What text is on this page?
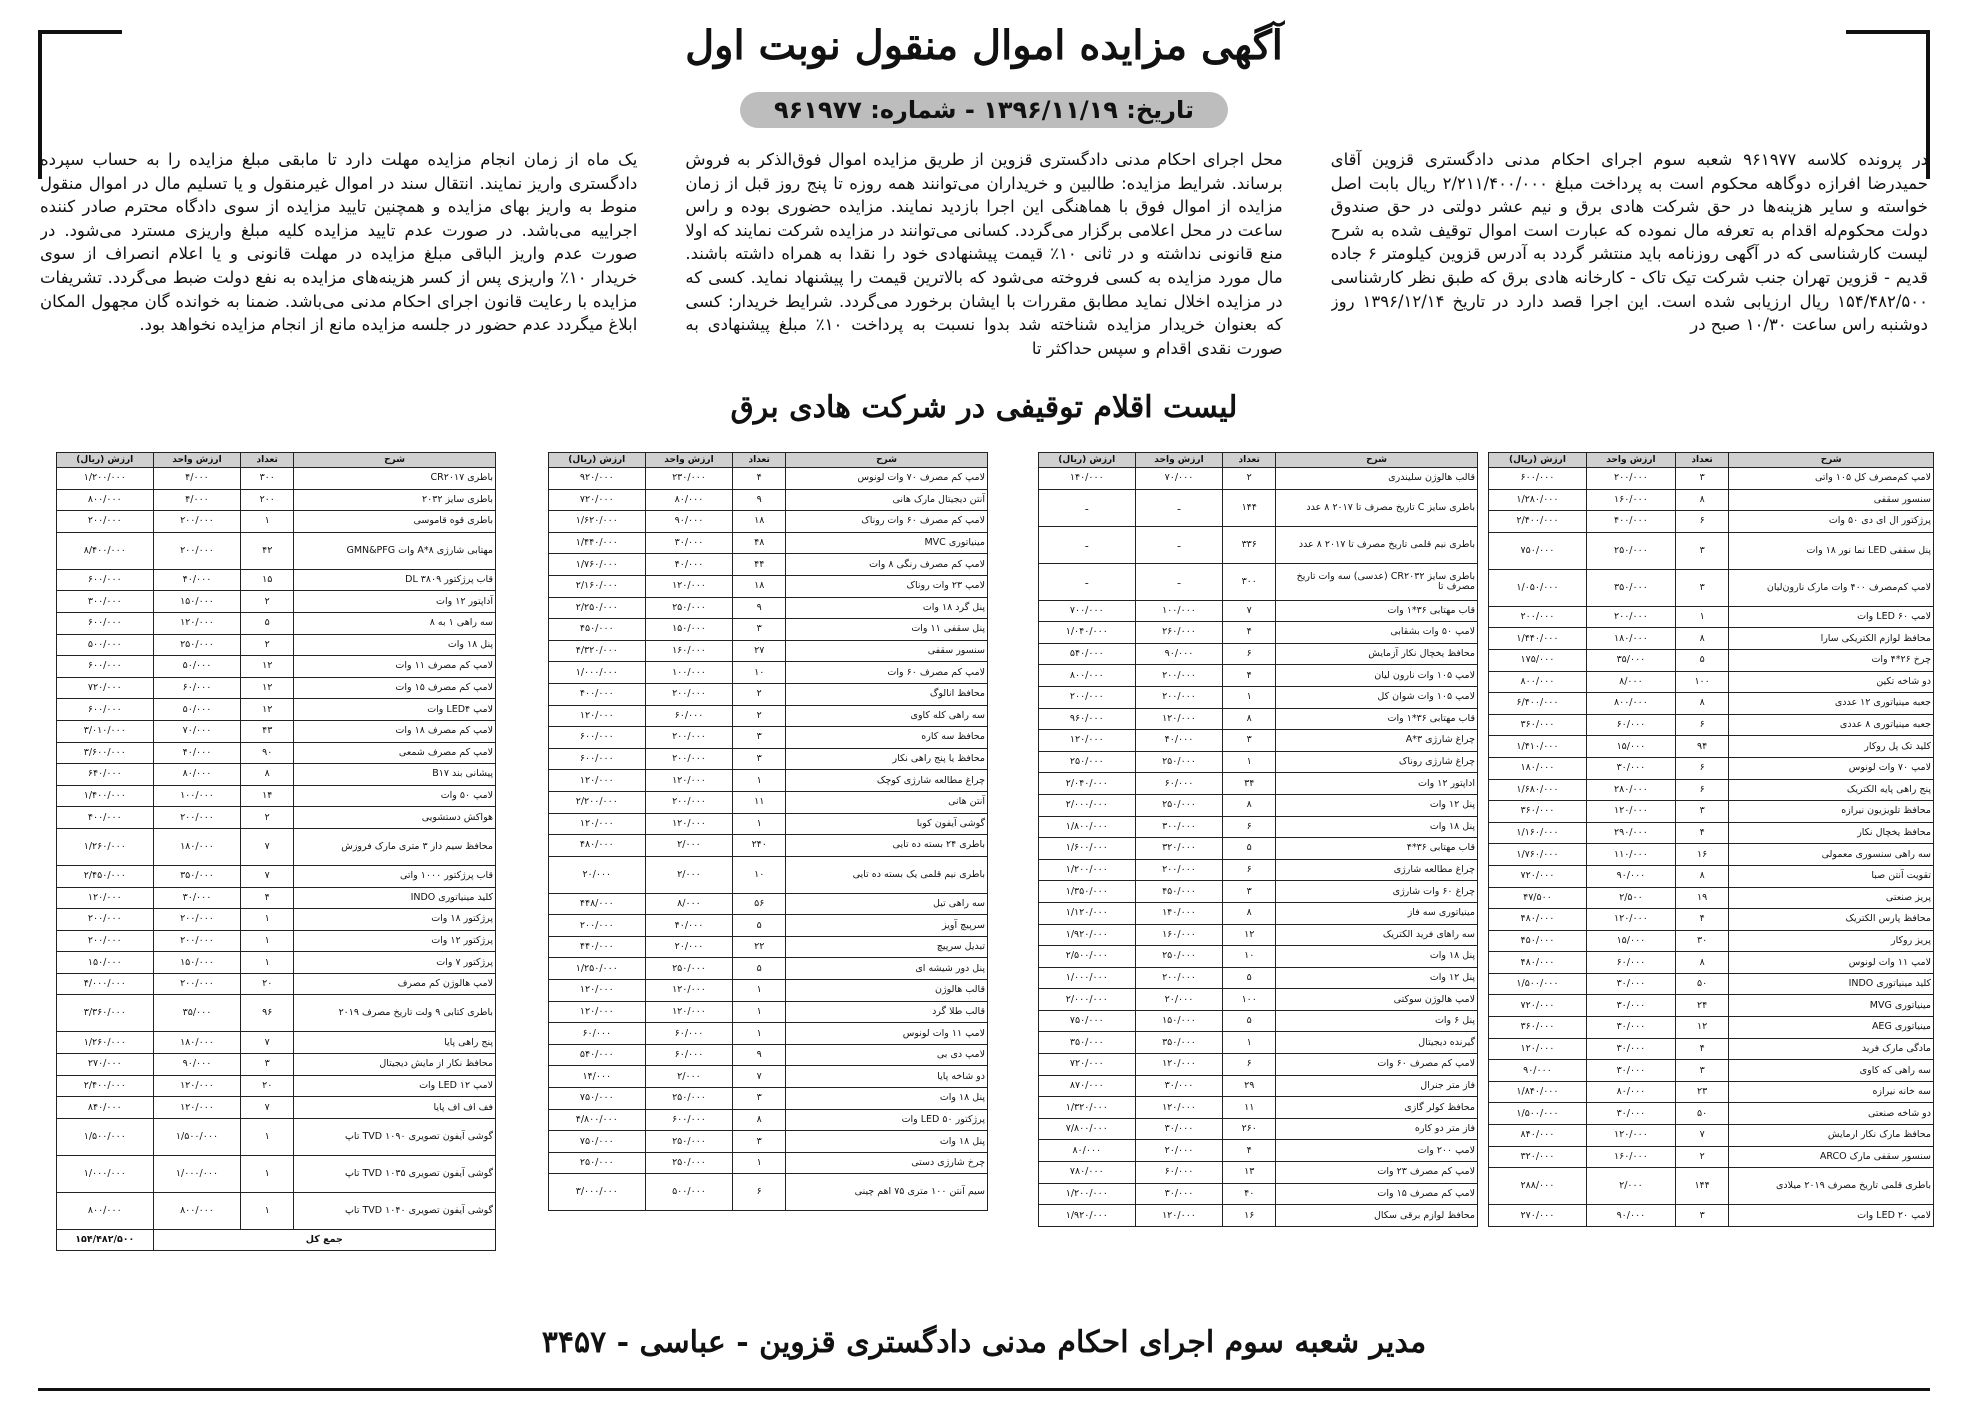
آگهی مزایده اموال منقول نوبت اول
تاریخ: ۱۳۹۶/۱۱/۱۹ - شماره: ۹۶۱۹۷۷
در پرونده کلاسه ۹۶۱۹۷۷ شعبه سوم اجرای احکام مدنی دادگستری قزوین آقای حمیدرضا افرازه دوگاهه محکوم است به پرداخت مبلغ ۲/۲۱۱/۴۰۰/۰۰۰ ریال بابت اصل خواسته و سایر هزینه‌ها در حق شرکت هادی برق و نیم عشر دولتی در حق صندوق دولت محکوم‌له اقدام به تعرفه مال نموده که عبارت است اموال توقیف شده به شرح لیست کارشناسی که در آگهی روزنامه باید منتشر گردد به آدرس قزوین کیلومتر ۶ جاده قدیم - قزوین تهران جنب شرکت تیک تاک - کارخانه هادی برق که طبق نظر کارشناسی ۱۵۴/۴۸۲/۵۰۰ ریال ارزیابی شده است. این اجرا قصد دارد در تاریخ ۱۳۹۶/۱۲/۱۴ روز دوشنبه راس ساعت ۱۰/۳۰ صبح در
محل اجرای احکام مدنی دادگستری قزوین از طریق مزایده اموال فوق‌الذکر به فروش برساند. شرایط مزایده: طالبین و خریداران می‌توانند همه روزه تا پنج روز قبل از زمان مزایده از اموال فوق با هماهنگی این اجرا بازدید نمایند. مزایده حضوری بوده و راس ساعت در محل اعلامی برگزار می‌گردد. کسانی می‌توانند در مزایده شرکت نمایند که اولا منع قانونی نداشته و در ثانی ۱۰٪ قیمت پیشنهادی خود را نقدا به همراه داشته باشند. مال مورد مزایده به کسی فروخته می‌شود که بالاترین قیمت را پیشنهاد نماید. کسی که در مزایده اخلال نماید مطابق مقررات با ایشان برخورد می‌گردد. شرایط خریدار: کسی که بعنوان خریدار مزایده شناخته شد بدوا نسبت به پرداخت ۱۰٪ مبلغ پیشنهادی به صورت نقدی اقدام و سپس حداکثر تا
یک ماه از زمان انجام مزایده مهلت دارد تا مابقی مبلغ مزایده را به حساب سپرده دادگستری واریز نمایند. انتقال سند در اموال غیرمنقول و یا تسلیم مال در اموال منقول منوط به واریز بهای مزایده و همچنین تایید مزایده از سوی دادگاه محترم صادر کننده اجراییه می‌باشد. در صورت عدم تایید مزایده کلیه مبلغ واریزی مسترد می‌شود. در صورت عدم واریز الباقی مبلغ مزایده در مهلت قانونی و یا اعلام انصراف از سوی خریدار ۱۰٪ واریزی پس از کسر هزینه‌های مزایده به نفع دولت ضبط می‌گردد. تشریفات مزایده با رعایت قانون اجرای احکام مدنی می‌باشد. ضمنا به خوانده گان مجهول المکان ابلاغ میگردد عدم حضور در جلسه مزایده مانع از انجام مزایده نخواهد بود.
لیست اقلام توقیفی در شرکت هادی برق
شرح	تعداد	ارزش واحد	ارزش (ریال)
لامپ کم‌مصرف کل ۱۰۵ واتی	۳	۲۰۰/۰۰۰	۶۰۰/۰۰۰
سنسور سقفی	۸	۱۶۰/۰۰۰	۱/۲۸۰/۰۰۰
پرژکتور ال ای دی ۵۰ وات	۶	۴۰۰/۰۰۰	۲/۴۰۰/۰۰۰
پنل سقفی LED نما نور ۱۸ وات	۳	۲۵۰/۰۰۰	۷۵۰/۰۰۰
لامپ کم‌مصرف ۴۰۰ وات مارک نارون‌لیان	۳	۳۵۰/۰۰۰	۱/۰۵۰/۰۰۰
لامپ LED ۶۰ وات	۱	۲۰۰/۰۰۰	۲۰۰/۰۰۰
محافظ لوازم الکتریکی سارا	۸	۱۸۰/۰۰۰	۱/۴۴۰/۰۰۰
چرخ ۲۶*۴ وات	۵	۳۵/۰۰۰	۱۷۵/۰۰۰
دو شاخه تکین	۱۰۰	۸/۰۰۰	۸۰۰/۰۰۰
جعبه مینیاتوری ۱۲ عددی	۸	۸۰۰/۰۰۰	۶/۴۰۰/۰۰۰
جعبه مینیاتوری ۸ عددی	۶	۶۰/۰۰۰	۳۶۰/۰۰۰
کلید تک پل روکار	۹۴	۱۵/۰۰۰	۱/۴۱۰/۰۰۰
لامپ ۷۰ وات لونوس	۶	۳۰/۰۰۰	۱۸۰/۰۰۰
پنج راهی پایه الکتریک	۶	۲۸۰/۰۰۰	۱/۶۸۰/۰۰۰
محافظ تلویزیون نیرازه	۳	۱۲۰/۰۰۰	۳۶۰/۰۰۰
محافظ یخچال نکار	۴	۲۹۰/۰۰۰	۱/۱۶۰/۰۰۰
سه راهی سنسوری معمولی	۱۶	۱۱۰/۰۰۰	۱/۷۶۰/۰۰۰
تقویت آنتن صبا	۸	۹۰/۰۰۰	۷۲۰/۰۰۰
پریز صنعتی	۱۹	۲/۵۰۰	۴۷/۵۰۰
محافظ پارس الکتریک	۴	۱۲۰/۰۰۰	۴۸۰/۰۰۰
پریز روکار	۳۰	۱۵/۰۰۰	۴۵۰/۰۰۰
لامپ ۱۱ وات لونوس	۸	۶۰/۰۰۰	۴۸۰/۰۰۰
کلید مینیاتوری INDO	۵۰	۳۰/۰۰۰	۱/۵۰۰/۰۰۰
مینیاتوری MVG	۲۴	۳۰/۰۰۰	۷۲۰/۰۰۰
مینیاتوری AEG	۱۲	۳۰/۰۰۰	۳۶۰/۰۰۰
مادگی مارک فرید	۴	۳۰/۰۰۰	۱۲۰/۰۰۰
سه راهی که کاوی	۳	۳۰/۰۰۰	۹۰/۰۰۰
سه خانه نیرازه	۲۳	۸۰/۰۰۰	۱/۸۴۰/۰۰۰
دو شاخه صنعتی	۵۰	۳۰/۰۰۰	۱/۵۰۰/۰۰۰
محافظ مارک نکار ارمایش	۷	۱۲۰/۰۰۰	۸۴۰/۰۰۰
سنسور سقفی مارک ARCO	۲	۱۶۰/۰۰۰	۳۲۰/۰۰۰
باطری قلمی تاریخ مصرف ۲۰۱۹ میلادی	۱۴۴	۲/۰۰۰	۲۸۸/۰۰۰
لامپ LED ۲۰ وات	۳	۹۰/۰۰۰	۲۷۰/۰۰۰
شرح	تعداد	ارزش واحد	ارزش (ریال)
قالب هالوژن سلیندری	۲	۷۰/۰۰۰	۱۴۰/۰۰۰
باطری سایز C تاریخ مصرف تا ۲۰۱۷ ۸ عدد	۱۴۴	ـ	ـ
باطری نیم قلمی تاریخ مصرف تا ۲۰۱۷ ۸ عدد	۳۳۶	ـ	ـ
باطری سایز CR۲۰۳۲ (عدسی) سه وات تاریخ مصرف تا	۳۰۰	ـ	ـ
قاب مهتابی ۳۶*۱ وات	۷	۱۰۰/۰۰۰	۷۰۰/۰۰۰
لامپ ۵۰ وات بشقابی	۴	۲۶۰/۰۰۰	۱/۰۴۰/۰۰۰
محافظ یخچال نکار آزمایش	۶	۹۰/۰۰۰	۵۴۰/۰۰۰
لامپ ۱۰۵ وات نارون لیان	۴	۲۰۰/۰۰۰	۸۰۰/۰۰۰
لامپ ۱۰۵ وات شوان کل	۱	۲۰۰/۰۰۰	۲۰۰/۰۰۰
قاب مهتابی ۳۶*۱ وات	۸	۱۲۰/۰۰۰	۹۶۰/۰۰۰
چراغ شارژی ۳*A	۳	۴۰/۰۰۰	۱۲۰/۰۰۰
چراغ شارژی روناک	۱	۲۵۰/۰۰۰	۲۵۰/۰۰۰
اداپتور ۱۲ وات	۳۴	۶۰/۰۰۰	۲/۰۴۰/۰۰۰
پنل ۱۲ وات	۸	۲۵۰/۰۰۰	۲/۰۰۰/۰۰۰
پنل ۱۸ وات	۶	۳۰۰/۰۰۰	۱/۸۰۰/۰۰۰
قاب مهتابی ۳۶*۴	۵	۳۲۰/۰۰۰	۱/۶۰۰/۰۰۰
چراغ مطالعه شارژی	۶	۲۰۰/۰۰۰	۱/۲۰۰/۰۰۰
چراغ ۶۰ وات شارژی	۳	۴۵۰/۰۰۰	۱/۳۵۰/۰۰۰
مینیاتوری سه فاز	۸	۱۴۰/۰۰۰	۱/۱۲۰/۰۰۰
سه راهای فرید الکتریک	۱۲	۱۶۰/۰۰۰	۱/۹۲۰/۰۰۰
پنل ۱۸ وات	۱۰	۲۵۰/۰۰۰	۲/۵۰۰/۰۰۰
پنل ۱۲ وات	۵	۲۰۰/۰۰۰	۱/۰۰۰/۰۰۰
لامپ هالوژن سوکتی	۱۰۰	۲۰/۰۰۰	۲/۰۰۰/۰۰۰
پنل ۶ وات	۵	۱۵۰/۰۰۰	۷۵۰/۰۰۰
گیرنده دیجیتال	۱	۳۵۰/۰۰۰	۳۵۰/۰۰۰
لامپ کم مصرف ۶۰ وات	۶	۱۲۰/۰۰۰	۷۲۰/۰۰۰
فاز متر جنرال	۲۹	۳۰/۰۰۰	۸۷۰/۰۰۰
محافظ کولر گازی	۱۱	۱۲۰/۰۰۰	۱/۳۲۰/۰۰۰
فاز متر دو کاره	۲۶۰	۳۰/۰۰۰	۷/۸۰۰/۰۰۰
لامپ ۲۰۰ وات	۴	۲۰/۰۰۰	۸۰/۰۰۰
لامپ کم مصرف ۲۳ وات	۱۳	۶۰/۰۰۰	۷۸۰/۰۰۰
لامپ کم مصرف ۱۵ وات	۴۰	۳۰/۰۰۰	۱/۲۰۰/۰۰۰
محافظ لوازم برقی سکال	۱۶	۱۲۰/۰۰۰	۱/۹۲۰/۰۰۰
شرح	تعداد	ارزش واحد	ارزش (ریال)
لامپ کم مصرف ۷۰ وات لونوس	۴	۲۳۰/۰۰۰	۹۲۰/۰۰۰
آنتن دیجیتال مارک هانی	۹	۸۰/۰۰۰	۷۲۰/۰۰۰
لامپ کم مصرف ۶۰ وات روناک	۱۸	۹۰/۰۰۰	۱/۶۲۰/۰۰۰
مینیاتوری MVC	۴۸	۳۰/۰۰۰	۱/۴۴۰/۰۰۰
لامپ کم مصرف رنگی ۸ وات	۴۴	۴۰/۰۰۰	۱/۷۶۰/۰۰۰
لامپ ۲۳ وات روناک	۱۸	۱۲۰/۰۰۰	۲/۱۶۰/۰۰۰
پنل گرد ۱۸ وات	۹	۲۵۰/۰۰۰	۲/۲۵۰/۰۰۰
پنل سقفی ۱۱ وات	۳	۱۵۰/۰۰۰	۴۵۰/۰۰۰
سنسور سقفی	۲۷	۱۶۰/۰۰۰	۴/۳۲۰/۰۰۰
لامپ کم مصرف ۶۰ وات	۱۰	۱۰۰/۰۰۰	۱/۰۰۰/۰۰۰
محافظ انالوگ	۲	۲۰۰/۰۰۰	۴۰۰/۰۰۰
سه راهی کله کاوی	۲	۶۰/۰۰۰	۱۲۰/۰۰۰
محافظ سه کاره	۳	۲۰۰/۰۰۰	۶۰۰/۰۰۰
محافظ یا پنج راهی نکار	۳	۲۰۰/۰۰۰	۶۰۰/۰۰۰
چراغ مطالعه شارژی کوچک	۱	۱۲۰/۰۰۰	۱۲۰/۰۰۰
آنتن هانی	۱۱	۲۰۰/۰۰۰	۲/۲۰۰/۰۰۰
گوشی آیفون کوبا	۱	۱۲۰/۰۰۰	۱۲۰/۰۰۰
باطری ۲۴ بسته ده تایی	۲۴۰	۲/۰۰۰	۴۸۰/۰۰۰
باطری نیم قلمی یک بسته ده تایی	۱۰	۲/۰۰۰	۲۰/۰۰۰
سه راهی تیل	۵۶	۸/۰۰۰	۴۴۸/۰۰۰
سرپیچ آویز	۵	۴۰/۰۰۰	۲۰۰/۰۰۰
تبدیل سرپیچ	۲۲	۲۰/۰۰۰	۴۴۰/۰۰۰
پنل دور شیشه ای	۵	۲۵۰/۰۰۰	۱/۲۵۰/۰۰۰
قالب هالوژن	۱	۱۲۰/۰۰۰	۱۲۰/۰۰۰
قالب طلا گرد	۱	۱۲۰/۰۰۰	۱۲۰/۰۰۰
لامپ ۱۱ وات لونوس	۱	۶۰/۰۰۰	۶۰/۰۰۰
لامپ دی بی	۹	۶۰/۰۰۰	۵۴۰/۰۰۰
دو شاخه پایا	۷	۲/۰۰۰	۱۴/۰۰۰
پنل ۱۸ وات	۳	۲۵۰/۰۰۰	۷۵۰/۰۰۰
پرژکتور LED ۵۰ وات	۸	۶۰۰/۰۰۰	۴/۸۰۰/۰۰۰
پنل ۱۸ وات	۳	۲۵۰/۰۰۰	۷۵۰/۰۰۰
چرخ شارژی دستی	۱	۲۵۰/۰۰۰	۲۵۰/۰۰۰
سیم آنتن ۱۰۰ متری ۷۵ اهم چینی	۶	۵۰۰/۰۰۰	۳/۰۰۰/۰۰۰
شرح	تعداد	ارزش واحد	ارزش (ریال)
باطری CR۲۰۱۷	۳۰۰	۴/۰۰۰	۱/۲۰۰/۰۰۰
باطری سایز ۲۰۳۲	۲۰۰	۴/۰۰۰	۸۰۰/۰۰۰
باطری قوه قاموسی	۱	۲۰۰/۰۰۰	۲۰۰/۰۰۰
مهتابی شارژی ۸*A وات GMN&PFG	۴۲	۲۰۰/۰۰۰	۸/۴۰۰/۰۰۰
قاب پرژکتور DL ۳۸۰۹	۱۵	۴۰/۰۰۰	۶۰۰/۰۰۰
آداپتور ۱۲ وات	۲	۱۵۰/۰۰۰	۳۰۰/۰۰۰
سه راهی ۱ به ۸	۵	۱۲۰/۰۰۰	۶۰۰/۰۰۰
پنل ۱۸ وات	۲	۲۵۰/۰۰۰	۵۰۰/۰۰۰
لامپ کم مصرف ۱۱ وات	۱۲	۵۰/۰۰۰	۶۰۰/۰۰۰
لامپ کم مصرف ۱۵ وات	۱۲	۶۰/۰۰۰	۷۲۰/۰۰۰
لامپ LED۴ وات	۱۲	۵۰/۰۰۰	۶۰۰/۰۰۰
لامپ کم مصرف ۱۸ وات	۴۳	۷۰/۰۰۰	۳/۰۱۰/۰۰۰
لامپ کم مصرف شمعی	۹۰	۴۰/۰۰۰	۳/۶۰۰/۰۰۰
پیشانی بند B۱۷	۸	۸۰/۰۰۰	۶۴۰/۰۰۰
لامپ ۵۰ وات	۱۴	۱۰۰/۰۰۰	۱/۴۰۰/۰۰۰
هواکش دستشویی	۲	۲۰۰/۰۰۰	۴۰۰/۰۰۰
محافظ سیم دار ۳ متری مارک فروزش	۷	۱۸۰/۰۰۰	۱/۲۶۰/۰۰۰
قاب پرژکتور ۱۰۰۰ واتی	۷	۳۵۰/۰۰۰	۲/۴۵۰/۰۰۰
کلید مینیاتوری INDO	۴	۳۰/۰۰۰	۱۲۰/۰۰۰
پرژکتور ۱۸ وات	۱	۲۰۰/۰۰۰	۲۰۰/۰۰۰
پرژکتور ۱۲ وات	۱	۲۰۰/۰۰۰	۲۰۰/۰۰۰
پرژکتور ۷ وات	۱	۱۵۰/۰۰۰	۱۵۰/۰۰۰
لامپ هالوژن کم مصرف	۲۰	۲۰۰/۰۰۰	۴/۰۰۰/۰۰۰
باطری کتابی ۹ ولت تاریخ مصرف ۲۰۱۹	۹۶	۳۵/۰۰۰	۳/۳۶۰/۰۰۰
پنج راهی پایا	۷	۱۸۰/۰۰۰	۱/۲۶۰/۰۰۰
محافظ نکار از مایش دیجیتال	۳	۹۰/۰۰۰	۲۷۰/۰۰۰
لامپ LED ۱۲ وات	۲۰	۱۲۰/۰۰۰	۲/۴۰۰/۰۰۰
فف اف اف پایا	۷	۱۲۰/۰۰۰	۸۴۰/۰۰۰
گوشی آیفون تصویری TVD ۱۰۹۰ تاپ	۱	۱/۵۰۰/۰۰۰	۱/۵۰۰/۰۰۰
گوشی آیفون تصویری TVD ۱۰۳۵ تاپ	۱	۱/۰۰۰/۰۰۰	۱/۰۰۰/۰۰۰
گوشی آیفون تصویری TVD ۱۰۴۰ تاپ	۱	۸۰۰/۰۰۰	۸۰۰/۰۰۰
جمع کل			۱۵۴/۴۸۲/۵۰۰
مدیر شعبه سوم اجرای احکام مدنی دادگستری قزوین - عباسی - ۳۴۵۷
